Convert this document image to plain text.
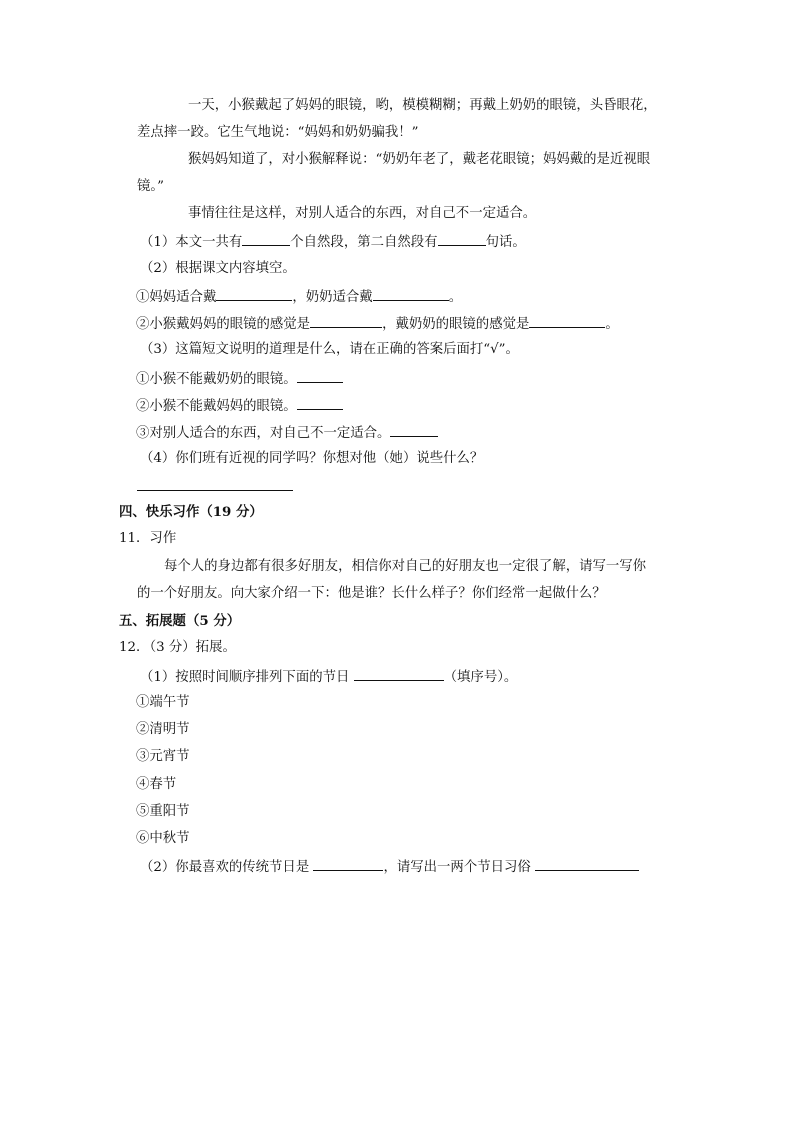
一天，小猴戴起了妈妈的眼镜，哟，模模糊糊；再戴上奶奶的眼镜，头昏眼花，
差点摔一跤。它生气地说：“妈妈和奶奶骗我！”
猴妈妈知道了，对小猴解释说：“奶奶年老了，戴老花眼镜；妈妈戴的是近视眼
镜。”
事情往往是这样，对别人适合的东西，对自己不一定适合。
（1）本文一共有	个自然段，第二自然段有	句话。
（2）根据课文内容填空。
①妈妈适合戴	，奶奶适合戴	。
②小猴戴妈妈的眼镜的感觉是	，戴奶奶的眼镜的感觉是	。
（3）这篇短文说明的道理是什么，请在正确的答案后面打“√”。
①小猴不能戴奶奶的眼镜。
②小猴不能戴妈妈的眼镜。
③对别人适合的东西，对自己不一定适合。
（4）你们班有近视的同学吗？你想对他（她）说些什么？
四、快乐习作（19 分）
11．习作
每个人的身边都有很多好朋友，相信你对自己的好朋友也一定很了解，请写一写你
的一个好朋友。向大家介绍一下：他是谁？长什么样子？你们经常一起做什么？
五、拓展题（5 分）
12．（3 分）拓展。
（1）按照时间顺序排列下面的节日	（填序号）。
①端午节
②清明节
③元宵节
④春节
⑤重阳节
⑥中秋节
（2）你最喜欢的传统节日是	，请写出一两个节日习俗
